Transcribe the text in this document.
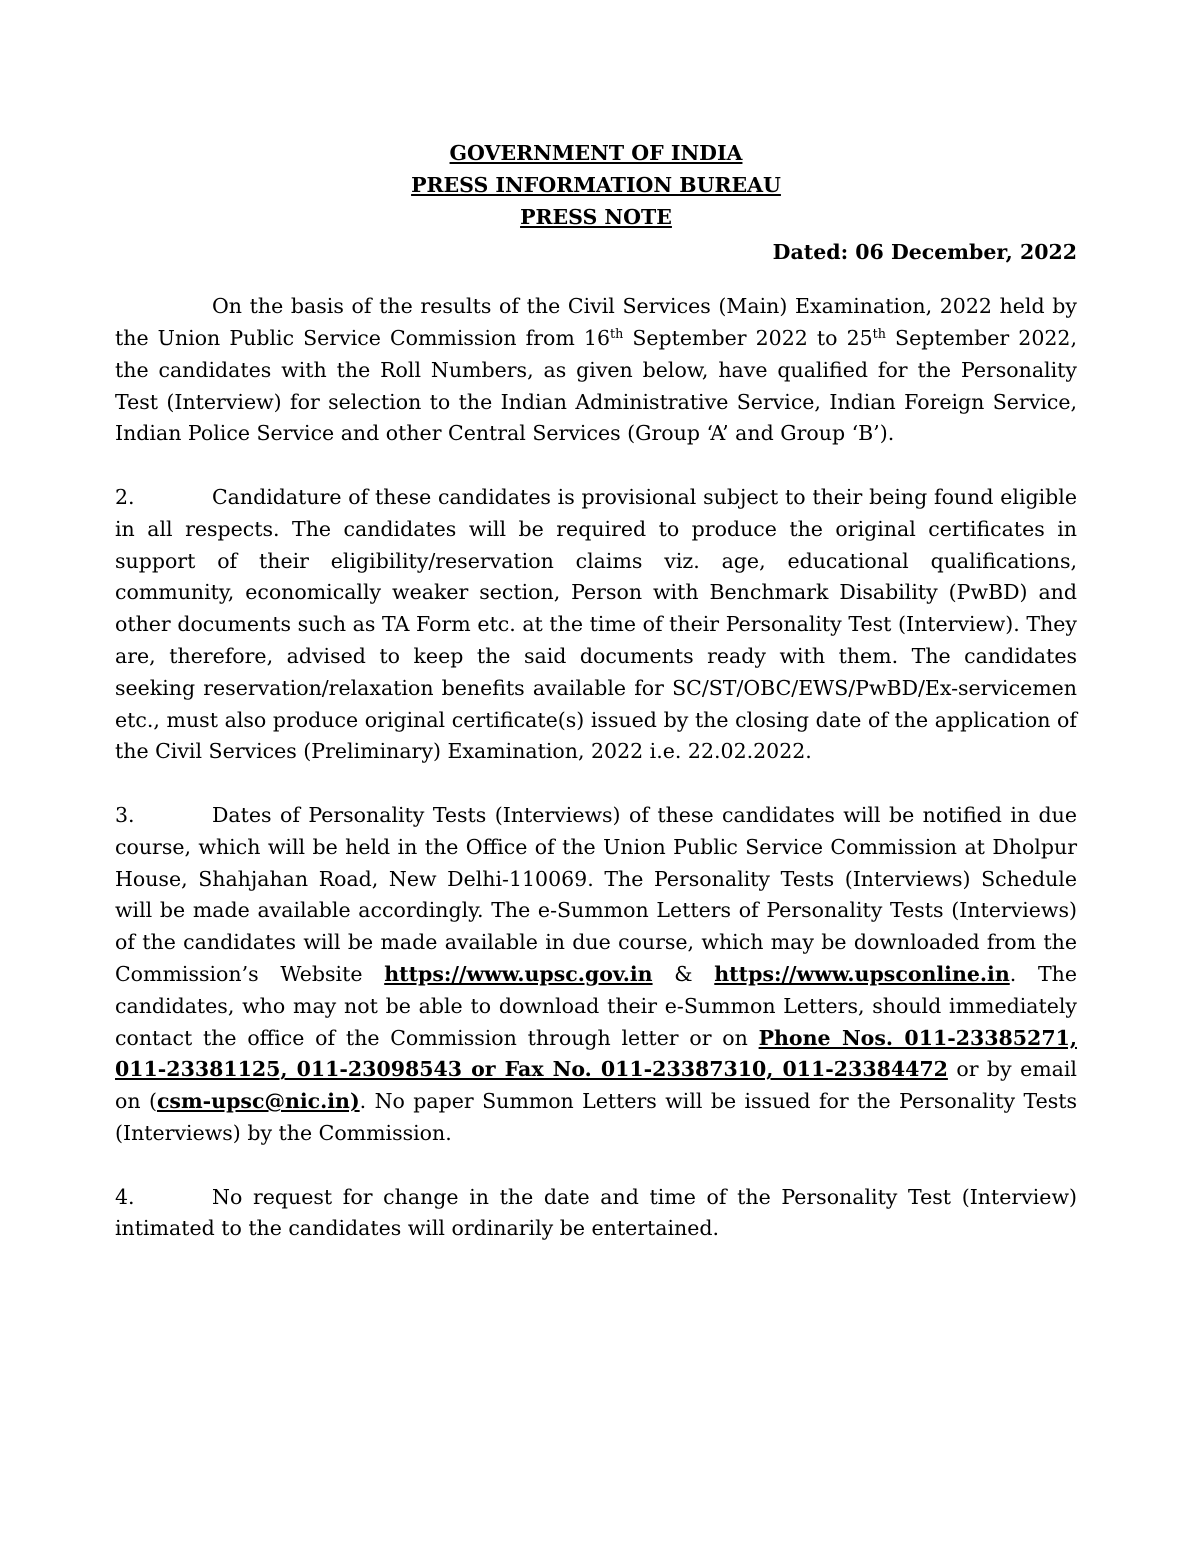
GOVERNMENT OF INDIA
PRESS INFORMATION BUREAU
PRESS NOTE
Dated: 06 December, 2022

On the basis of the results of the Civil Services (Main) Examination, 2022 held by the Union Public Service Commission from 16th September 2022 to 25th September 2022, the candidates with the Roll Numbers, as given below, have qualified for the Personality Test (Interview) for selection to the Indian Administrative Service, Indian Foreign Service, Indian Police Service and other Central Services (Group ‘A’ and Group ‘B’).

2.	Candidature of these candidates is provisional subject to their being found eligible in all respects. The candidates will be required to produce the original certificates in support of their eligibility/reservation claims viz. age, educational qualifications, community, economically weaker section, Person with Benchmark Disability (PwBD) and other documents such as TA Form etc. at the time of their Personality Test (Interview). They are, therefore, advised to keep the said documents ready with them. The candidates seeking reservation/relaxation benefits available for SC/ST/OBC/EWS/PwBD/Ex-servicemen etc., must also produce original certificate(s) issued by the closing date of the application of the Civil Services (Preliminary) Examination, 2022 i.e. 22.02.2022.

3.	Dates of Personality Tests (Interviews) of these candidates will be notified in due course, which will be held in the Office of the Union Public Service Commission at Dholpur House, Shahjahan Road, New Delhi-110069. The Personality Tests (Interviews) Schedule will be made available accordingly. The e-Summon Letters of Personality Tests (Interviews) of the candidates will be made available in due course, which may be downloaded from the Commission’s Website https://www.upsc.gov.in & https://www.upsconline.in. The candidates, who may not be able to download their e-Summon Letters, should immediately contact the office of the Commission through letter or on Phone Nos. 011-23385271, 011-23381125, 011-23098543 or Fax No. 011-23387310, 011-23384472 or by email on (csm-upsc@nic.in). No paper Summon Letters will be issued for the Personality Tests (Interviews) by the Commission.

4.	No request for change in the date and time of the Personality Test (Interview) intimated to the candidates will ordinarily be entertained.
